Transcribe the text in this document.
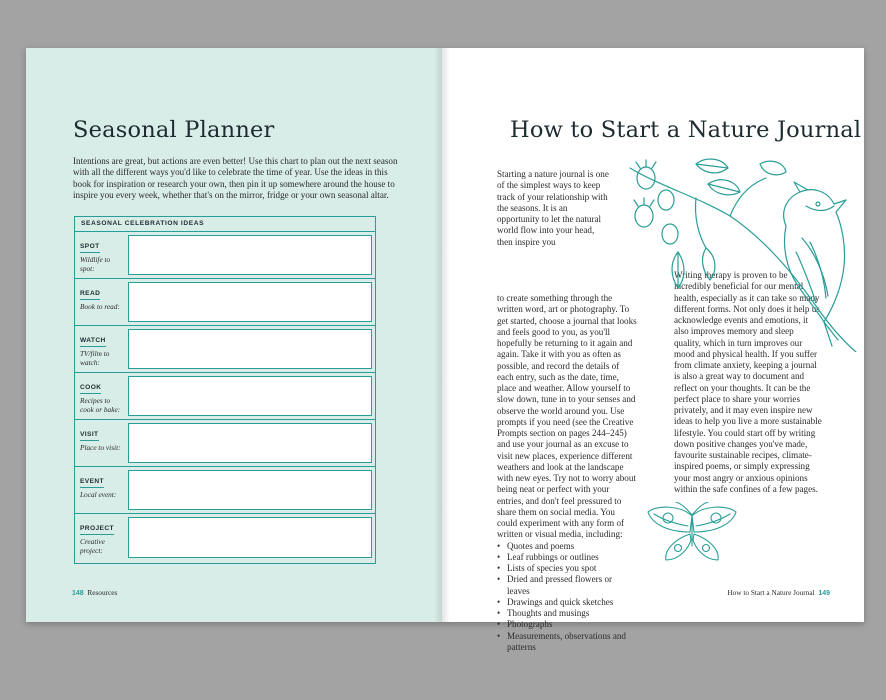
Seasonal Planner

Intentions are great, but actions are even better! Use this chart to plan out the next season with all the different ways you'd like to celebrate the time of year. Use the ideas in this book for inspiration or research your own, then pin it up somewhere around the house to inspire you every week, whether that's on the mirror, fridge or your own seasonal altar.

SEASONAL CELEBRATION IDEAS
SPOT
Wildlife to spot:
READ
Book to read:
WATCH
TV/film to watch:
COOK
Recipes to cook or bake:
VISIT
Place to visit:
EVENT
Local event:
PROJECT
Creative project:
148 Resources
How to Start a Nature Journal

Starting a nature journal is one of the simplest ways to keep track of your relationship with the seasons. It is an opportunity to let the natural world flow into your head, then inspire you

to create something through the written word, art or photography. To get started, choose a journal that looks and feels good to you, as you'll hopefully be returning to it again and again. Take it with you as often as possible, and record the details of each entry, such as the date, time, place and weather. Allow yourself to slow down, tune in to your senses and observe the world around you. Use prompts if you need (see the Creative Prompts section on pages 244–245) and use your journal as an excuse to visit new places, experience different weathers and look at the landscape with new eyes. Try not to worry about being neat or perfect with your entries, and don't feel pressured to share them on social media. You could experiment with any form of written or visual media, including:

• Quotes and poems
• Leaf rubbings or outlines
• Lists of species you spot
• Dried and pressed flowers or leaves
• Drawings and quick sketches
• Thoughts and musings
• Photographs
• Measurements, observations and patterns

Writing therapy is proven to be incredibly beneficial for our mental health, especially as it can take so many different forms. Not only does it help us acknowledge events and emotions, it also improves memory and sleep quality, which in turn improves our mood and physical health. If you suffer from climate anxiety, keeping a journal is also a great way to document and reflect on your thoughts. It can be the perfect place to share your worries privately, and it may even inspire new ideas to help you live a more sustainable lifestyle. You could start off by writing down positive changes you've made, favourite sustainable recipes, climate-inspired poems, or simply expressing your most angry or anxious opinions within the safe confines of a few pages.

How to Start a Nature Journal 149
